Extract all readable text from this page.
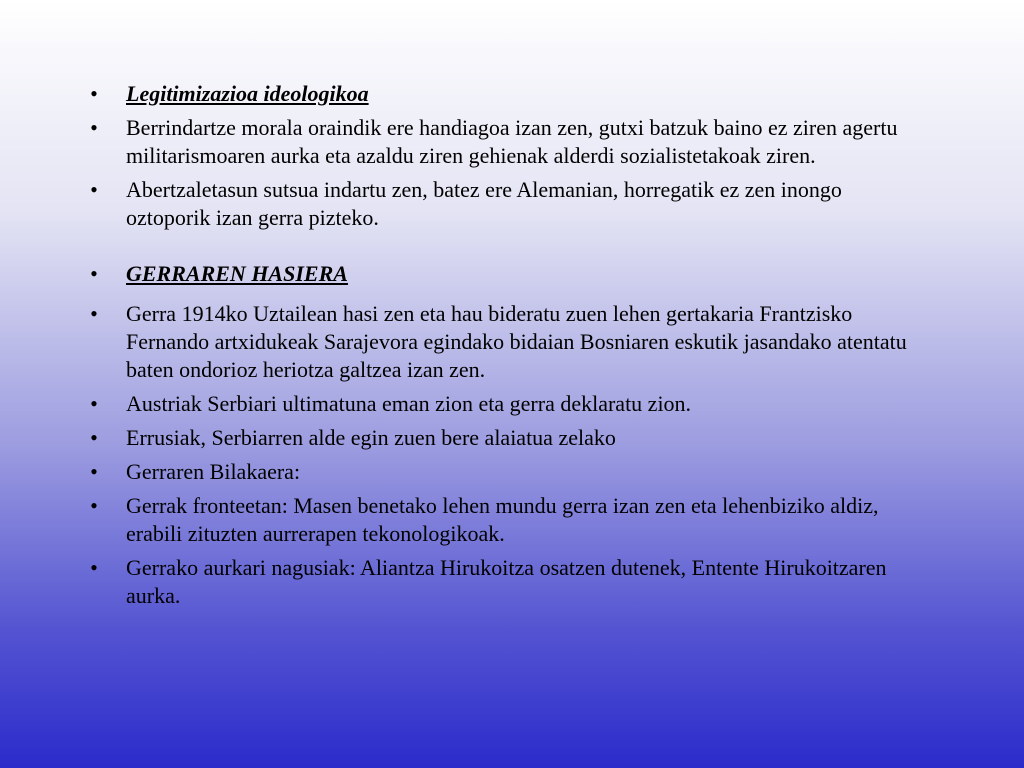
• Legitimizazioa ideologikoa
• Berrindartze morala oraindik ere handiagoa izan zen, gutxi batzuk baino ez ziren agertu militarismoaren aurka eta azaldu ziren gehienak alderdi sozialistetakoak ziren.
• Abertzaletasun sutsua indartu zen, batez ere Alemanian, horregatik ez zen inongo oztoporik izan gerra pizteko.
• GERRAREN HASIERA
• Gerra 1914ko Uztailean hasi zen eta hau bideratu zuen lehen gertakaria Frantzisko Fernando artxidukeak Sarajevora egindako bidaian Bosniaren eskutik jasandako atentatu baten ondorioz heriotza galtzea izan zen.
• Austriak Serbiari ultimatuna eman zion eta gerra deklaratu zion.
• Errusiak, Serbiarren alde egin zuen bere alaiatua zelako
• Gerraren Bilakaera:
• Gerrak fronteetan: Masen benetako lehen mundu gerra izan zen eta lehenbiziko aldiz, erabili zituzten aurrerapen tekonologikoak.
• Gerrako aurkari nagusiak: Aliantza Hirukoitza osatzen dutenek, Entente Hirukoitzaren aurka.
